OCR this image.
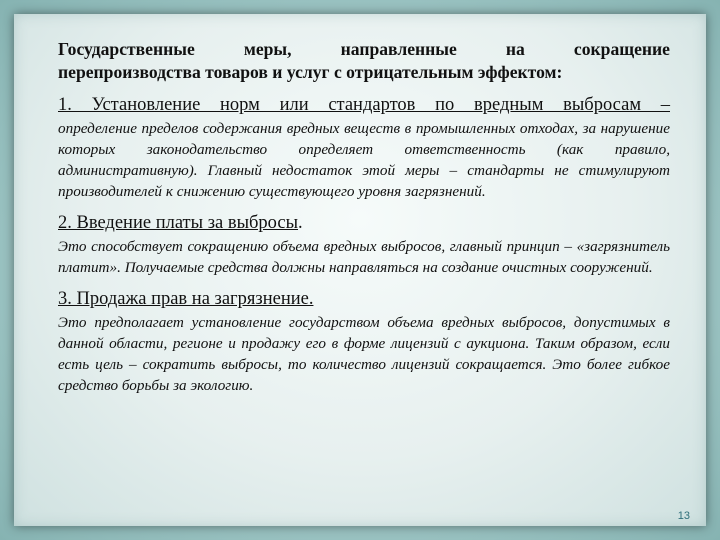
Государственные меры, направленные на сокращение

перепроизводства товаров и услуг с отрицательным эффектом:

1. Установление норм или стандартов по вредным выбросам –

определение пределов содержания вредных веществ в промышленных отходах, за нарушение которых законодательство определяет ответственность (как правило, административную). Главный недостаток этой меры – стандарты не стимулируют производителей к снижению существующего уровня загрязнений.

2. Введение платы за выбросы.

Это способствует сокращению объема вредных выбросов, главный принцип – «загрязнитель платит». Получаемые средства должны направляться на создание очистных сооружений.

3. Продажа прав на загрязнение.

Это предполагает установление государством объема вредных выбросов, допустимых в данной области, регионе и продажу его в форме лицензий с аукциона. Таким образом, если есть цель – сократить выбросы, то количество лицензий сокращается. Это более гибкое средство борьбы за экологию.

13
